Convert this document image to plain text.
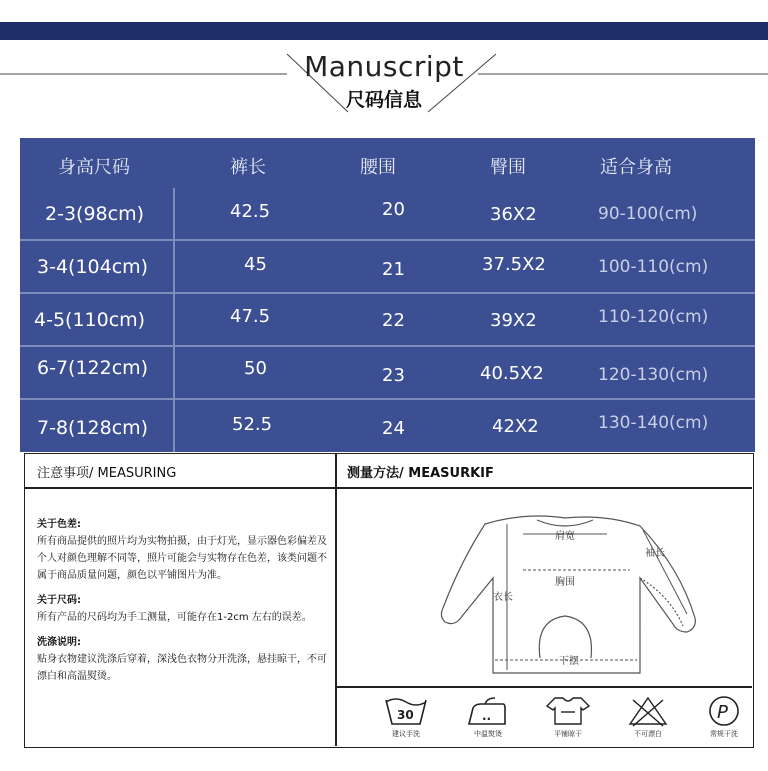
Manuscript
尺码信息
身高尺码	裤长	腰围	臀围	适合身高
2-3(98cm)	42.5	20	36X2	90-100(cm)
3-4(104cm)	45	21	37.5X2	100-110(cm)
4-5(110cm)	47.5	22	39X2	110-120(cm)
6-7(122cm)	50	23	40.5X2	120-130(cm)
7-8(128cm)	52.5	24	42X2	130-140(cm)
注意事项/ MEASURING	测量方法/ MEASURKIF
关于色差:
所有商品提供的照片均为实物拍摄，由于灯光，显示器色彩偏差及个人对颜色理解不同等，照片可能会与实物存在色差，该类问题不属于商品质量问题，颜色以平铺图片为准。
关于尺码:
所有产品的尺码均为手工测量，可能存在1-2cm 左右的误差。
洗涤说明:
贴身衣物建议洗涤后穿着，深浅色衣物分开洗涤，悬挂晾干，不可漂白和高温熨烫。
肩宽
袖长
胸围
衣长
下摆
30
建议手洗
..
中温熨烫	平铺晾干	不可漂白
P
常规干洗
